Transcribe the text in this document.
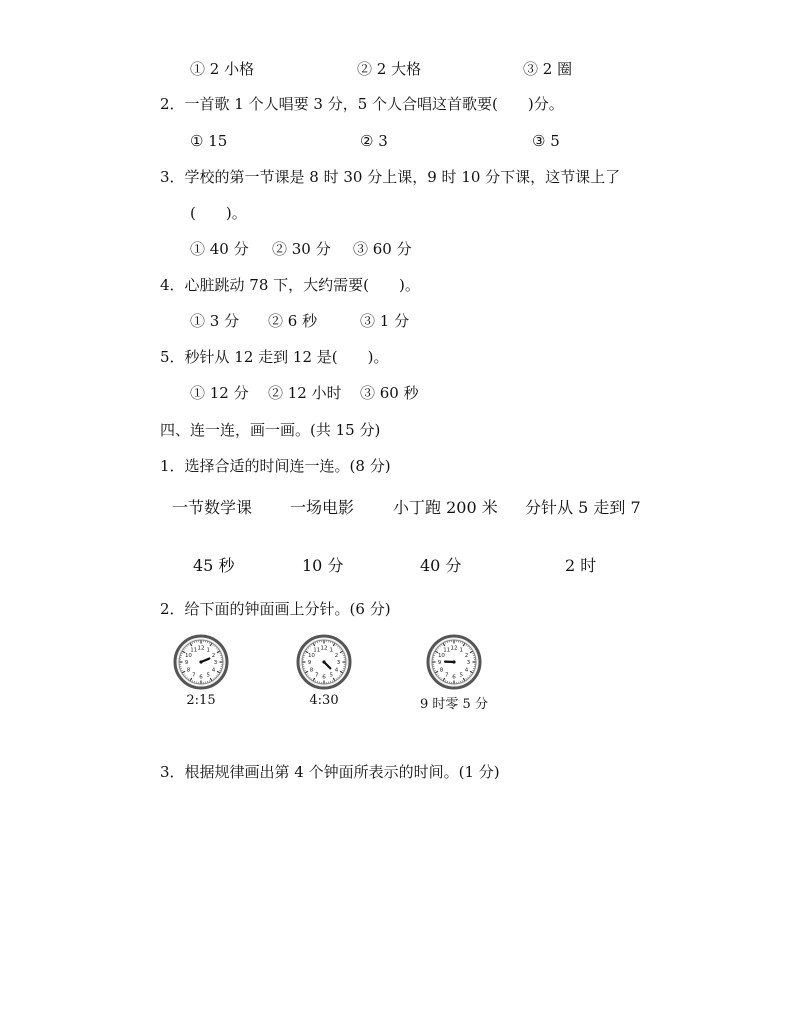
① 2 小格	② 2 大格	③ 2 圈
2．一首歌 1 个人唱要 3 分，5 个人合唱这首歌要(　　)分。
① 15	② 3	③ 5
3．学校的第一节课是 8 时 30 分上课，9 时 10 分下课，这节课上了
(　　)。
① 40 分 ② 30 分 ③ 60 分
4．心脏跳动 78 下，大约需要(　　)。
① 3 分 ② 6 秒	③ 1 分
5．秒针从 12 走到 12 是(　　)。
① 12 分 ② 12 小时 ③ 60 秒
四、连一连，画一画。(共 15 分)
1．选择合适的时间连一连。(8 分)
一节数学课 一场电影 小丁跑 200 米 分针从 5 走到 7
45 秒	10 分	40 分	2 时
2．给下面的钟面画上分针。(6 分)
1
2
3
4
5
6
7
8
9
10
11 12
2:15
1
2
3
4
5
6
7
8
9
10
11 12
4:30
1
2
3
4
5
6
7
8
9
10
11 12
9 时零 5 分
3．根据规律画出第 4 个钟面所表示的时间。(1 分)
